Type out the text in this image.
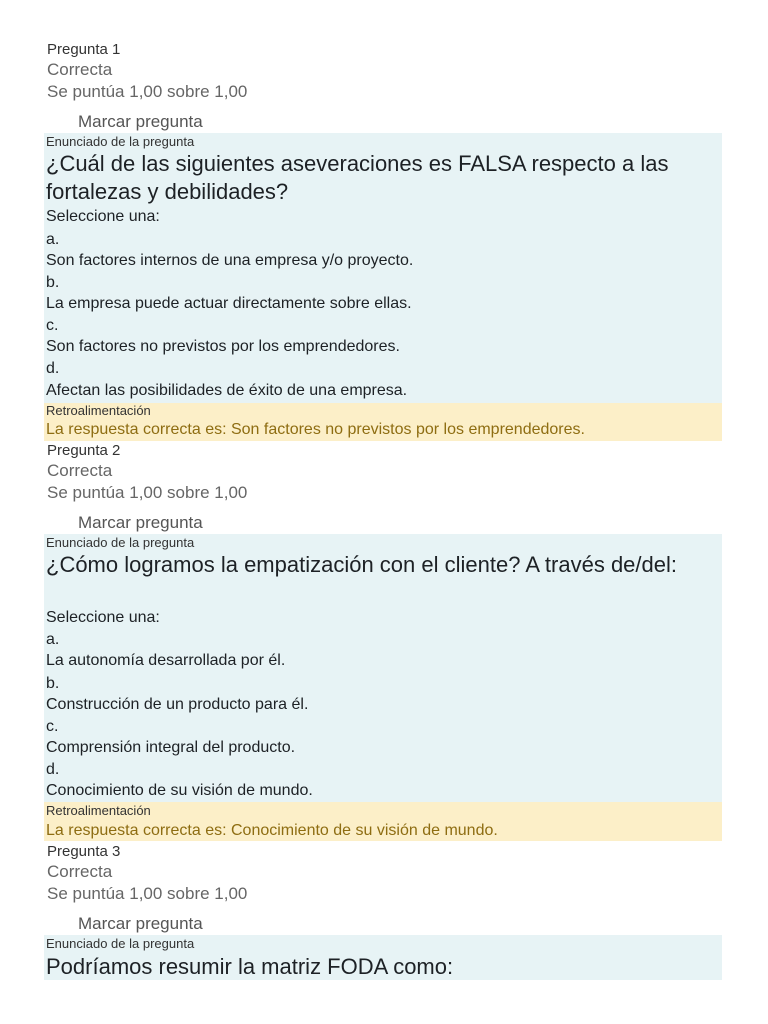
Pregunta 1
Correcta
Se puntúa 1,00 sobre 1,00
Marcar pregunta
Enunciado de la pregunta
¿Cuál de las siguientes aseveraciones es FALSA respecto a las fortalezas y debilidades?
Seleccione una:
a.
Son factores internos de una empresa y/o proyecto.
b.
La empresa puede actuar directamente sobre ellas.
c.
Son factores no previstos por los emprendedores.
d.
Afectan las posibilidades de éxito de una empresa.
Retroalimentación
La respuesta correcta es: Son factores no previstos por los emprendedores.
Pregunta 2
Correcta
Se puntúa 1,00 sobre 1,00
Marcar pregunta
Enunciado de la pregunta
¿Cómo logramos la empatización con el cliente? A través de/del:
Seleccione una:
a.
La autonomía desarrollada por él.
b.
Construcción de un producto para él.
c.
Comprensión integral del producto.
d.
Conocimiento de su visión de mundo.
Retroalimentación
La respuesta correcta es: Conocimiento de su visión de mundo.
Pregunta 3
Correcta
Se puntúa 1,00 sobre 1,00
Marcar pregunta
Enunciado de la pregunta
Podríamos resumir la matriz FODA como:
